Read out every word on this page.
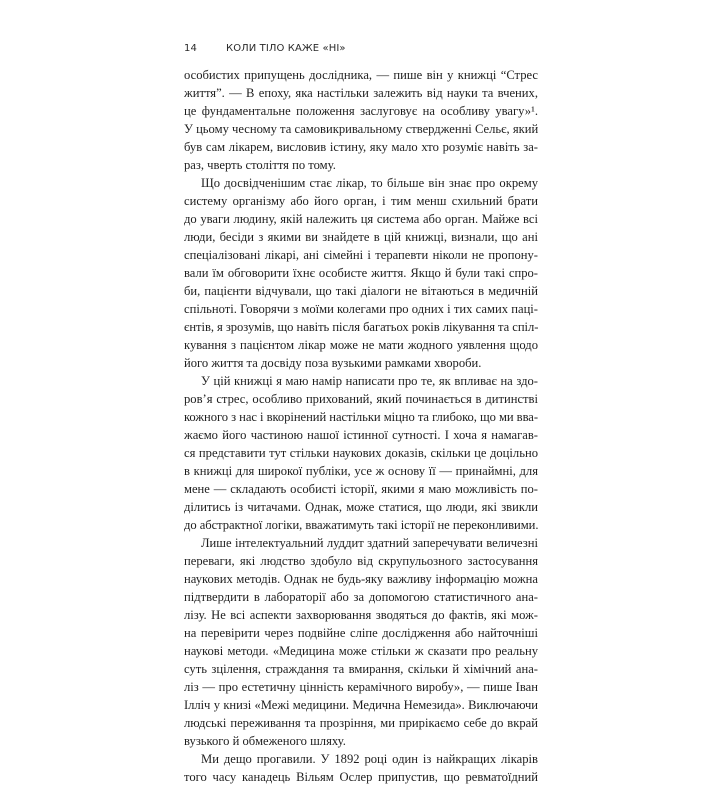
14	КОЛИ ТІЛО КАЖЕ «НІ»
особистих припущень дослідника, — пише він у книжці “Стрес
життя”. — В епоху, яка настільки залежить від науки та вчених,
це фундаментальне положення заслуговує на особливу увагу»¹.
У цьому чесному та самовикривальному ствердженні Сельє, який
був сам лікарем, висловив істину, яку мало хто розуміє навіть за-
раз, чверть століття по тому.
Що досвідченішим стає лікар, то більше він знає про окрему
систему організму або його орган, і тим менш схильний брати
до уваги людину, якій належить ця система або орган. Майже всі
люди, бесіди з якими ви знайдете в цій книжці, визнали, що ані
спеціалізовані лікарі, ані сімейні і терапевти ніколи не пропону-
вали їм обговорити їхнє особисте життя. Якщо й були такі спро-
би, пацієнти відчували, що такі діалоги не вітаються в медичній
спільноті. Говорячи з моїми колегами про одних і тих самих паці-
єнтів, я зрозумів, що навіть після багатьох років лікування та спіл-
кування з пацієнтом лікар може не мати жодного уявлення щодо
його життя та досвіду поза вузькими рамками хвороби.
У цій книжці я маю намір написати про те, як впливає на здо-
ров’я стрес, особливо прихований, який починається в дитинстві
кожного з нас і вкорінений настільки міцно та глибоко, що ми вва-
жаємо його частиною нашої істинної сутності. І хоча я намагав-
ся представити тут стільки наукових доказів, скільки це доцільно
в книжці для широкої публіки, усе ж основу її — принаймні, для
мене — складають особисті історії, якими я маю можливість по-
ділитись із читачами. Однак, може статися, що люди, які звикли
до абстрактної логіки, вважатимуть такі історії не переконливими.
Лише інтелектуальний луддит здатний заперечувати величезні
переваги, які людство здобуло від скрупульозного застосування
наукових методів. Однак не будь-яку важливу інформацію можна
підтвердити в лабораторії або за допомогою статистичного ана-
лізу. Не всі аспекти захворювання зводяться до фактів, які мож-
на перевірити через подвійне сліпе дослідження або найточніші
наукові методи. «Медицина може стільки ж сказати про реальну
суть зцілення, страждання та вмирання, скільки й хімічний ана-
ліз — про естетичну цінність керамічного виробу», — пише Іван
Ілліч у книзі «Межі медицини. Медична Немезида». Виключаючи
людські переживання та прозріння, ми прирікаємо себе до вкрай
вузького й обмеженого шляху.
Ми дещо прогавили. У 1892 році один із найкращих лікарів
того часу канадець Вільям Ослер припустив, що ревматоїдний
